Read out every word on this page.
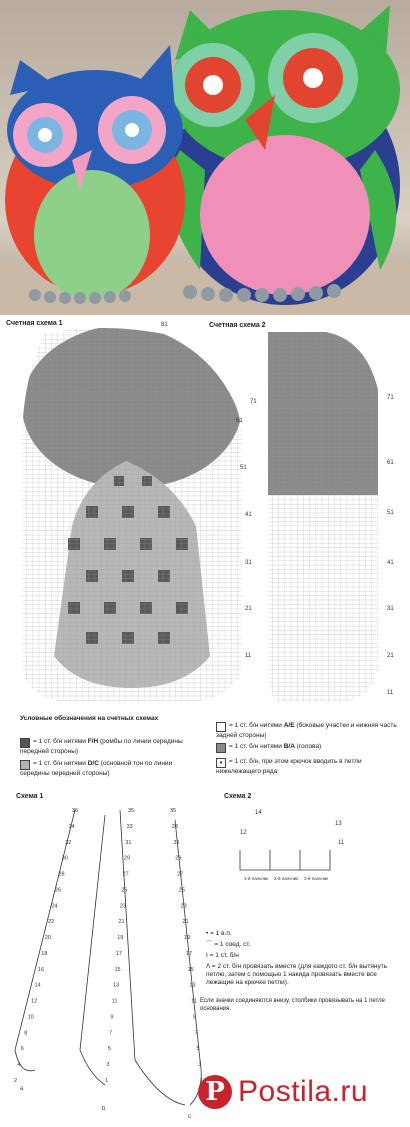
Счетная схема 1	Счетная схема 2
71
61
51
41
31
21
11
81
71
61
51
41
31
21
11
Условные обозначения на счетных схемах
= 1 ст. б/н нитями F/H (ромбы по линии середины передней стороны)
= 1 ст. б/н нитями D/C (основной тон по линии середины передней стороны)
= 1 ст. б/н нитями A/E (боковые участки и нижняя часть задней стороны)
= 1 ст. б/н нитями B/A (голова)
• = 1 ст. б/н, при этом крючок вводить в петли нижележащего ряда
Схема 1	Схема 2
a
b
c
36
34
32
30
28
26
24
22
20
18
16
14
12
10
8
6
4
2
35
33
31
29
27
25
23
21
19
17
15
13
11
9
7
5
3
1
35
33
31
29
27
25
23
21
19
17
15
13
11
9
7
5
3
14
13
12
11
1-й пальчик 2-й пальчик 3-й пальчик
• = 1 в.п.
⌒ = 1 соед. ст.
I = 1 ст. б/н
Λ = 2 ст. б/н провязать вместе (для каждого ст. б/н вытянуть петлю, затем с помощью 1 накида провязать вместе все лежащие на крючке петли).
Если значки соединяются внизу, столбики провязывать на 1 петле основания.
P Postila.ru
